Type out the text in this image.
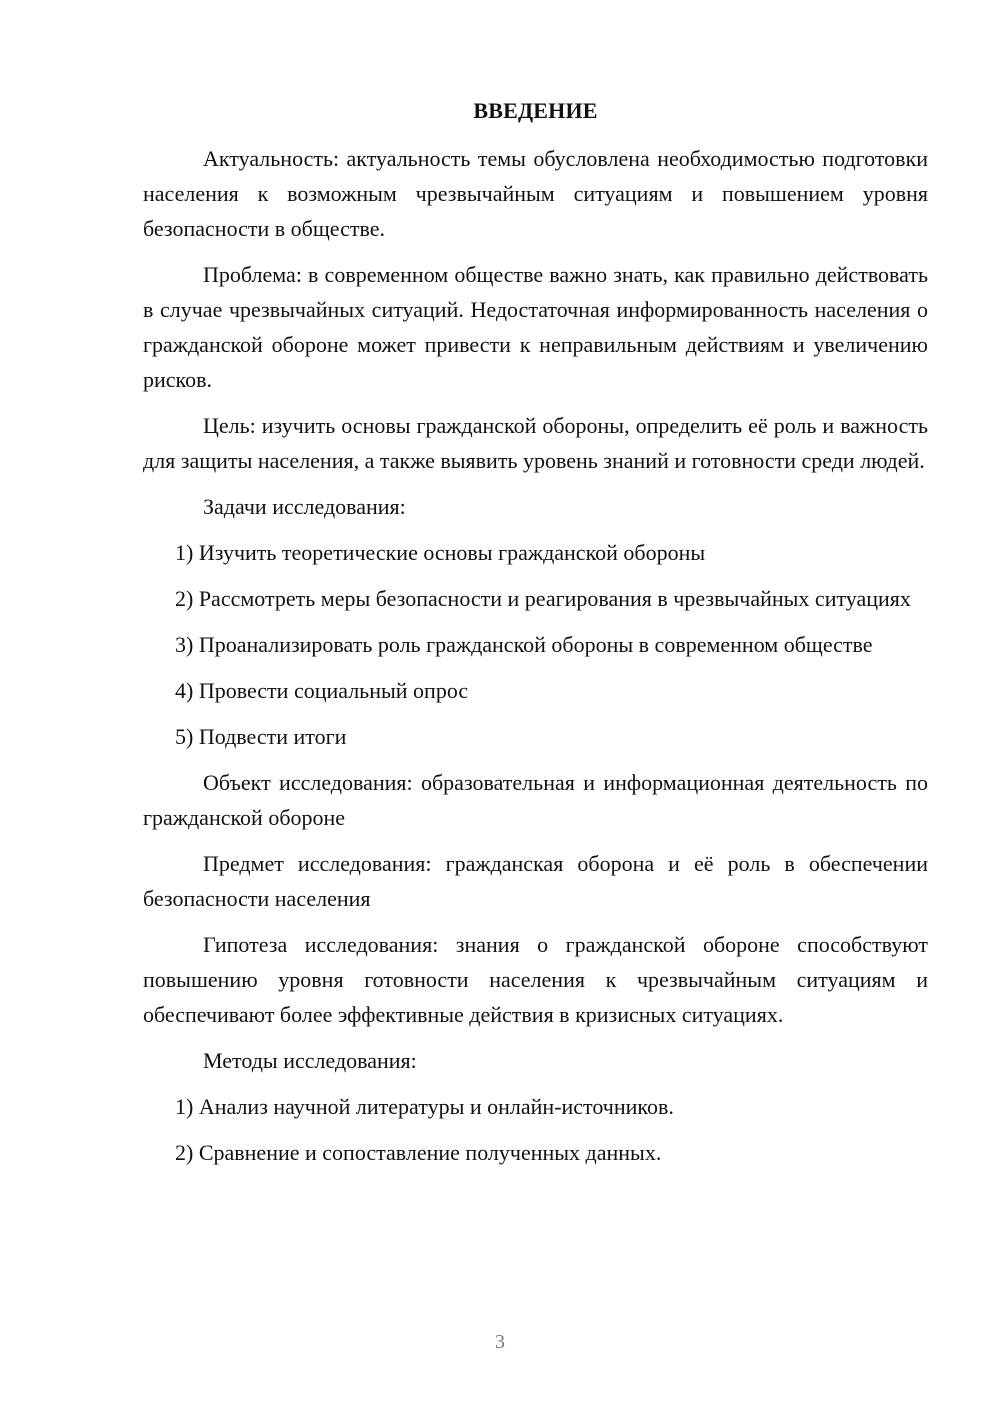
ВВЕДЕНИЕ

Актуальность: актуальность темы обусловлена необходимостью подготовки населения к возможным чрезвычайным ситуациям и повышением уровня безопасности в обществе.

Проблема: в современном обществе важно знать, как правильно действовать в случае чрезвычайных ситуаций. Недостаточная информированность населения о гражданской обороне может привести к неправильным действиям и увеличению рисков.

Цель: изучить основы гражданской обороны, определить её роль и важность для защиты населения, а также выявить уровень знаний и готовности среди людей.

Задачи исследования:

1) Изучить теоретические основы гражданской обороны

2) Рассмотреть меры безопасности и реагирования в чрезвычайных ситуациях

3) Проанализировать роль гражданской обороны в современном обществе

4) Провести социальный опрос

5) Подвести итоги

Объект исследования: образовательная и информационная деятельность по гражданской обороне

Предмет исследования: гражданская оборона и её роль в обеспечении безопасности населения

Гипотеза исследования: знания о гражданской обороне способствуют повышению уровня готовности населения к чрезвычайным ситуациям и обеспечивают более эффективные действия в кризисных ситуациях.

Методы исследования:

1) Анализ научной литературы и онлайн-источников.

2) Сравнение и сопоставление полученных данных.

3
